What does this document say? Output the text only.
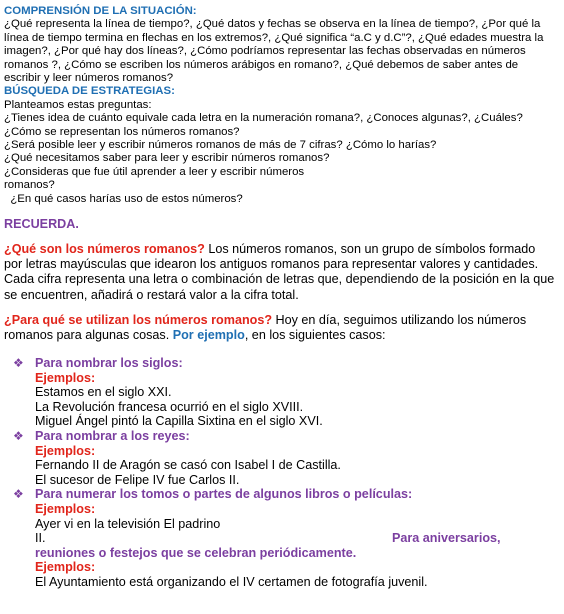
COMPRENSIÓN DE LA SITUACIÓN:
¿Qué representa la línea de tiempo?, ¿Qué datos y fechas se observa en la línea de tiempo?, ¿Por qué la
línea de tiempo termina en flechas en los extremos?, ¿Qué significa “a.C y d.C”?, ¿Qué edades muestra la
imagen?, ¿Por qué hay dos líneas?, ¿Cómo podríamos representar las fechas observadas en números
romanos ?, ¿Cómo se escriben los números arábigos en romano?, ¿Qué debemos de saber antes de
escribir y leer números romanos?
BÚSQUEDA DE ESTRATEGIAS:
Planteamos estas preguntas:
¿Tienes idea de cuánto equivale cada letra en la numeración romana?, ¿Conoces algunas?, ¿Cuáles?
¿Cómo se representan los números romanos?
¿Será posible leer y escribir números romanos de más de 7 cifras? ¿Cómo lo harías?
¿Qué necesitamos saber para leer y escribir números romanos?
¿Consideras que fue útil aprender a leer y escribir números
romanos?
¿En qué casos harías uso de estos números?
RECUERDA.
¿Qué son los números romanos? Los números romanos, son un grupo de símbolos formado
por letras mayúsculas que idearon los antiguos romanos para representar valores y cantidades.
Cada cifra representa una letra o combinación de letras que, dependiendo de la posición en la que
se encuentren, añadirá o restará valor a la cifra total.
¿Para qué se utilizan los números romanos? Hoy en día, seguimos utilizando los números
romanos para algunas cosas. Por ejemplo, en los siguientes casos:
❖ Para nombrar los siglos:
Ejemplos:
Estamos en el siglo XXI.
La Revolución francesa ocurrió en el siglo XVIII.
Miguel Ángel pintó la Capilla Sixtina en el siglo XVI.
❖ Para nombrar a los reyes:
Ejemplos:
Fernando II de Aragón se casó con Isabel I de Castilla.
El sucesor de Felipe IV fue Carlos II.
❖ Para numerar los tomos o partes de algunos libros o películas:
Ejemplos:
Ayer vi en la televisión El padrino
II.	Para aniversarios,
reuniones o festejos que se celebran periódicamente.
Ejemplos:
El Ayuntamiento está organizando el IV certamen de fotografía juvenil.
